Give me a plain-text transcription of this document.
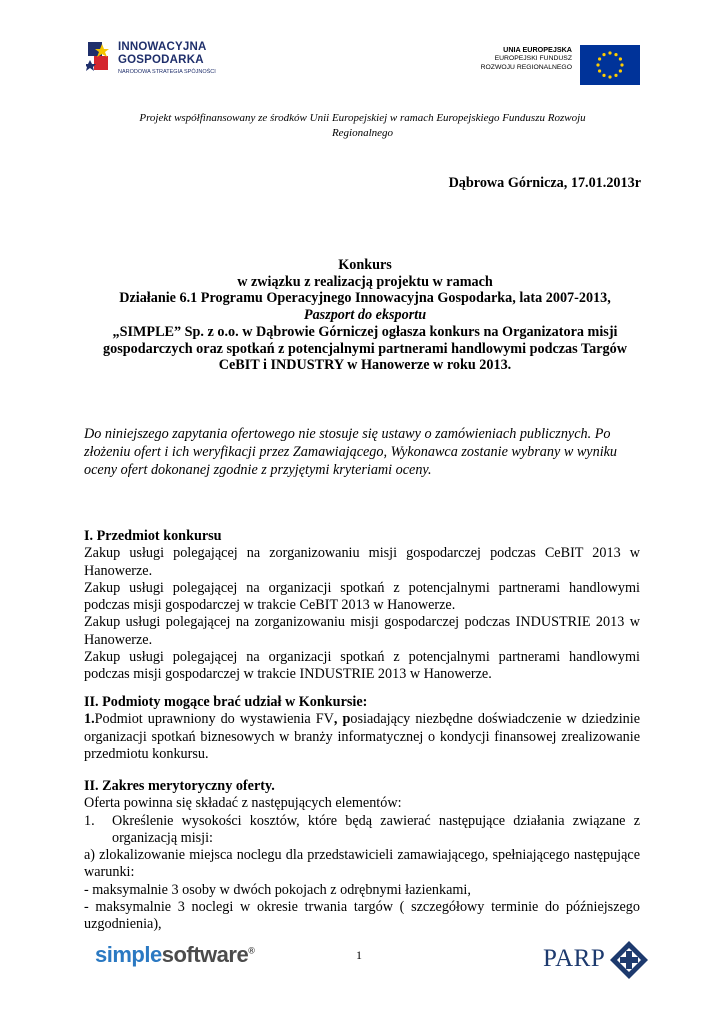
INNOWACYJNA
GOSPODARKA
NARODOWA STRATEGIA SPÓJNOŚCI
UNIA EUROPEJSKA
EUROPEJSKI FUNDUSZ
ROZWOJU REGIONALNEGO
Projekt współfinansowany ze środków Unii Europejskiej w ramach Europejskiego Funduszu Rozwoju
Regionalnego
Dąbrowa Górnicza, 17.01.2013r
Konkurs
w związku z realizacją projektu w ramach
Działanie 6.1 Programu Operacyjnego Innowacyjna Gospodarka, lata 2007-2013,
Paszport do eksportu
„SIMPLE” Sp. z o.o. w Dąbrowie Górniczej ogłasza konkurs na Organizatora misji
gospodarczych oraz spotkań z potencjalnymi partnerami handlowymi podczas Targów
CeBIT i INDUSTRY w Hanowerze w roku 2013.
Do niniejszego zapytania ofertowego nie stosuje się ustawy o zamówieniach publicznych. Po złożeniu ofert i ich weryfikacji przez Zamawiającego, Wykonawca zostanie wybrany w wyniku oceny ofert dokonanej zgodnie z przyjętymi kryteriami oceny.
I. Przedmiot konkursu
Zakup usługi polegającej na zorganizowaniu misji gospodarczej podczas CeBIT 2013 w Hanowerze.
Zakup usługi polegającej na organizacji spotkań z potencjalnymi partnerami handlowymi podczas misji gospodarczej w trakcie CeBIT 2013 w Hanowerze.
Zakup usługi polegającej na zorganizowaniu misji gospodarczej podczas INDUSTRIE 2013 w Hanowerze.
Zakup usługi polegającej na organizacji spotkań z potencjalnymi partnerami handlowymi podczas misji gospodarczej w trakcie INDUSTRIE 2013 w Hanowerze.
II. Podmioty mogące brać udział w Konkursie:
1.Podmiot uprawniony do wystawienia FV, posiadający niezbędne doświadczenie w dziedzinie organizacji spotkań biznesowych w branży informatycznej o kondycji finansowej zrealizowanie przedmiotu konkursu.
II. Zakres merytoryczny oferty.
Oferta powinna się składać z następujących elementów:
1.	Określenie wysokości kosztów, które będą zawierać następujące działania związane z organizacją misji:
a) zlokalizowanie miejsca noclegu dla przedstawicieli zamawiającego, spełniającego następujące warunki:
- maksymalnie 3 osoby w dwóch pokojach z odrębnymi łazienkami,
- maksymalnie 3 noclegi w okresie trwania targów ( szczegółowy terminie do późniejszego uzgodnienia),
simplesoftware®	1	PARP
